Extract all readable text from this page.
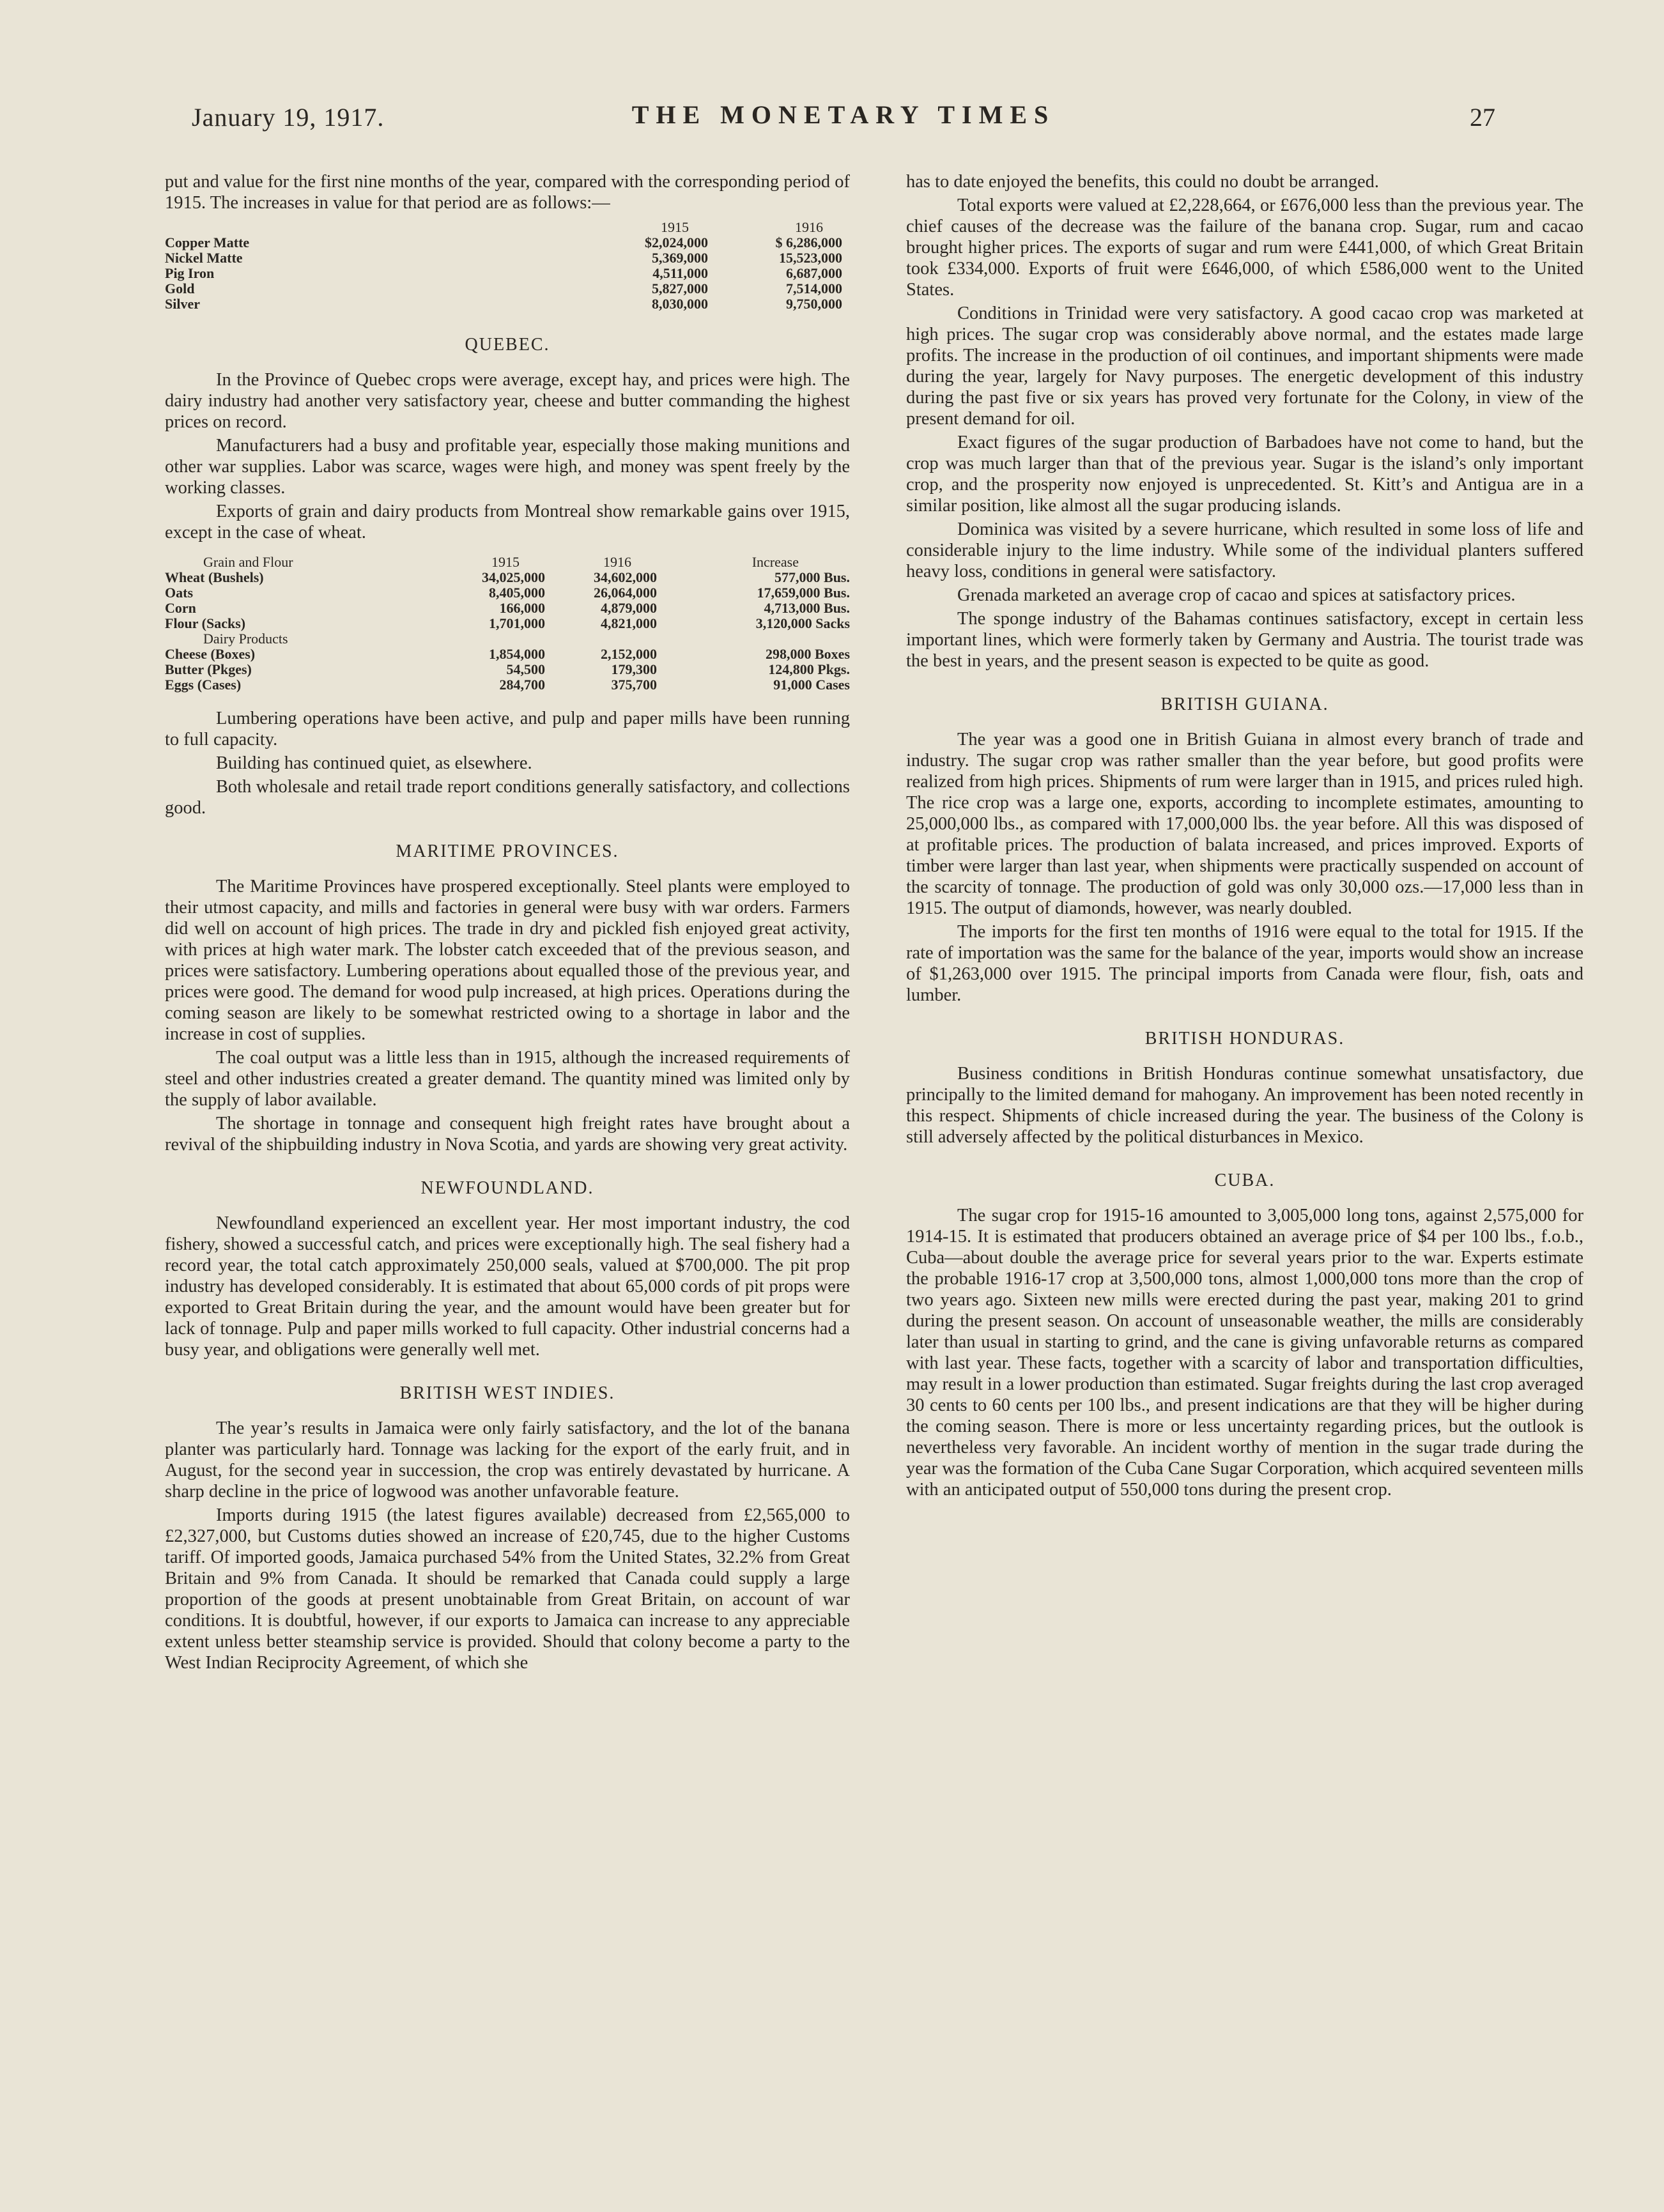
January 19, 1917.	THE MONETARY TIMES	27

put and value for the first nine months of the year, compared with the corresponding period of 1915. The increases in value for that period are as follows:—

	1915	1916
Copper Matte	$2,024,000	$ 6,286,000
Nickel Matte	5,369,000	15,523,000
Pig Iron	4,511,000	6,687,000
Gold	5,827,000	7,514,000
Silver	8,030,000	9,750,000
QUEBEC.

In the Province of Quebec crops were average, except hay, and prices were high. The dairy industry had another very satisfactory year, cheese and butter commanding the highest prices on record.

Manufacturers had a busy and profitable year, especially those making munitions and other war supplies. Labor was scarce, wages were high, and money was spent freely by the working classes.

Exports of grain and dairy products from Montreal show remarkable gains over 1915, except in the case of wheat.

Grain and Flour	1915	1916	Increase
Wheat (Bushels)	34,025,000	34,602,000	577,000 Bus.
Oats	8,405,000	26,064,000	17,659,000 Bus.
Corn	166,000	4,879,000	4,713,000 Bus.
Flour (Sacks)	1,701,000	4,821,000	3,120,000 Sacks
Dairy Products			
Cheese (Boxes)	1,854,000	2,152,000	298,000 Boxes
Butter (Pkges)	54,500	179,300	124,800 Pkgs.
Eggs (Cases)	284,700	375,700	91,000 Cases

Lumbering operations have been active, and pulp and paper mills have been running to full capacity.

Building has continued quiet, as elsewhere.

Both wholesale and retail trade report conditions generally satisfactory, and collections good.

MARITIME PROVINCES.

The Maritime Provinces have prospered exceptionally. Steel plants were employed to their utmost capacity, and mills and factories in general were busy with war orders. Farmers did well on account of high prices. The trade in dry and pickled fish enjoyed great activity, with prices at high water mark. The lobster catch exceeded that of the previous season, and prices were satisfactory. Lumbering operations about equalled those of the previous year, and prices were good. The demand for wood pulp increased, at high prices. Operations during the coming season are likely to be somewhat restricted owing to a shortage in labor and the increase in cost of supplies.

The coal output was a little less than in 1915, although the increased requirements of steel and other industries created a greater demand. The quantity mined was limited only by the supply of labor available.

The shortage in tonnage and consequent high freight rates have brought about a revival of the shipbuilding industry in Nova Scotia, and yards are showing very great activity.

NEWFOUNDLAND.

Newfoundland experienced an excellent year. Her most important industry, the cod fishery, showed a successful catch, and prices were exceptionally high. The seal fishery had a record year, the total catch approximately 250,000 seals, valued at $700,000. The pit prop industry has developed considerably. It is estimated that about 65,000 cords of pit props were exported to Great Britain during the year, and the amount would have been greater but for lack of tonnage. Pulp and paper mills worked to full capacity. Other industrial concerns had a busy year, and obligations were generally well met.

BRITISH WEST INDIES.

The year’s results in Jamaica were only fairly satisfactory, and the lot of the banana planter was particularly hard. Tonnage was lacking for the export of the early fruit, and in August, for the second year in succession, the crop was entirely devastated by hurricane. A sharp decline in the price of logwood was another unfavorable feature.

Imports during 1915 (the latest figures available) decreased from £2,565,000 to £2,327,000, but Customs duties showed an increase of £20,745, due to the higher Customs tariff. Of imported goods, Jamaica purchased 54% from the United States, 32.2% from Great Britain and 9% from Canada. It should be remarked that Canada could supply a large proportion of the goods at present unobtainable from Great Britain, on account of war conditions. It is doubtful, however, if our exports to Jamaica can increase to any appreciable extent unless better steamship service is provided. Should that colony become a party to the West Indian Reciprocity Agreement, of which she

has to date enjoyed the benefits, this could no doubt be arranged.

Total exports were valued at £2,228,664, or £676,000 less than the previous year. The chief causes of the decrease was the failure of the banana crop. Sugar, rum and cacao brought higher prices. The exports of sugar and rum were £441,000, of which Great Britain took £334,000. Exports of fruit were £646,000, of which £586,000 went to the United States.

Conditions in Trinidad were very satisfactory. A good cacao crop was marketed at high prices. The sugar crop was considerably above normal, and the estates made large profits. The increase in the production of oil continues, and important shipments were made during the year, largely for Navy purposes. The energetic development of this industry during the past five or six years has proved very fortunate for the Colony, in view of the present demand for oil.

Exact figures of the sugar production of Barbadoes have not come to hand, but the crop was much larger than that of the previous year. Sugar is the island’s only important crop, and the prosperity now enjoyed is unprecedented. St. Kitt’s and Antigua are in a similar position, like almost all the sugar producing islands.

Dominica was visited by a severe hurricane, which resulted in some loss of life and considerable injury to the lime industry. While some of the individual planters suffered heavy loss, conditions in general were satisfactory.

Grenada marketed an average crop of cacao and spices at satisfactory prices.

The sponge industry of the Bahamas continues satisfactory, except in certain less important lines, which were formerly taken by Germany and Austria. The tourist trade was the best in years, and the present season is expected to be quite as good.

BRITISH GUIANA.

The year was a good one in British Guiana in almost every branch of trade and industry. The sugar crop was rather smaller than the year before, but good profits were realized from high prices. Shipments of rum were larger than in 1915, and prices ruled high. The rice crop was a large one, exports, according to incomplete estimates, amounting to 25,000,000 lbs., as compared with 17,000,000 lbs. the year before. All this was disposed of at profitable prices. The production of balata increased, and prices improved. Exports of timber were larger than last year, when shipments were practically suspended on account of the scarcity of tonnage. The production of gold was only 30,000 ozs.—17,000 less than in 1915. The output of diamonds, however, was nearly doubled.

The imports for the first ten months of 1916 were equal to the total for 1915. If the rate of importation was the same for the balance of the year, imports would show an increase of $1,263,000 over 1915. The principal imports from Canada were flour, fish, oats and lumber.

BRITISH HONDURAS.

Business conditions in British Honduras continue somewhat unsatisfactory, due principally to the limited demand for mahogany. An improvement has been noted recently in this respect. Shipments of chicle increased during the year. The business of the Colony is still adversely affected by the political disturbances in Mexico.

CUBA.

The sugar crop for 1915-16 amounted to 3,005,000 long tons, against 2,575,000 for 1914-15. It is estimated that producers obtained an average price of $4 per 100 lbs., f.o.b., Cuba—about double the average price for several years prior to the war. Experts estimate the probable 1916-17 crop at 3,500,000 tons, almost 1,000,000 tons more than the crop of two years ago. Sixteen new mills were erected during the past year, making 201 to grind during the present season. On account of unseasonable weather, the mills are considerably later than usual in starting to grind, and the cane is giving unfavorable returns as compared with last year. These facts, together with a scarcity of labor and transportation difficulties, may result in a lower production than estimated. Sugar freights during the last crop averaged 30 cents to 60 cents per 100 lbs., and present indications are that they will be higher during the coming season. There is more or less uncertainty regarding prices, but the outlook is nevertheless very favorable. An incident worthy of mention in the sugar trade during the year was the formation of the Cuba Cane Sugar Corporation, which acquired seventeen mills with an anticipated output of 550,000 tons during the present crop.
